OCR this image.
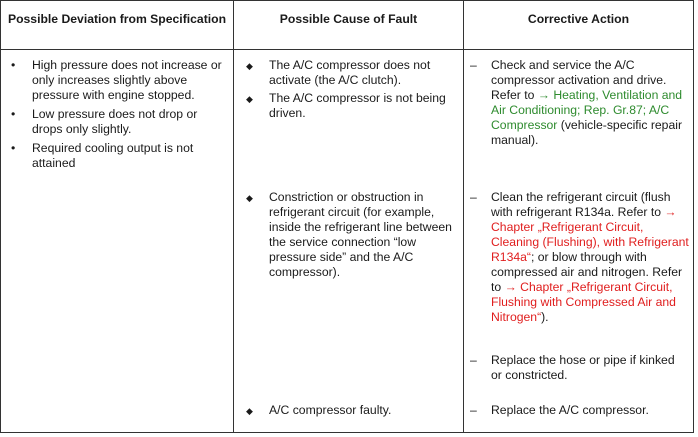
Possible Deviation from Specification	Possible Cause of Fault	Corrective Action
• High pressure does not increase or only increases slightly above pressure with engine stopped.
• Low pressure does not drop or drops only slightly.
• Required cooling output is not attained
◆ The A/C compressor does not activate (the A/C clutch).
◆ The A/C compressor is not being driven.
◆ Constriction or obstruction in refrigerant circuit (for example, inside the refrigerant line between the service connection “low pressure side” and the A/C compressor).
◆ A/C compressor faulty.
– Check and service the A/C compressor activation and drive. Refer to → Heating, Ventilation and Air Conditioning; Rep. Gr.87; A/C Compressor (vehicle-specific repair manual).
– Clean the refrigerant circuit (flush with refrigerant R134a. Refer to → Chapter „Refrigerant Circuit, Cleaning (Flushing), with Refrigerant R134a“; or blow through with compressed air and nitrogen. Refer to → Chapter „Refrigerant Circuit, Flushing with Compressed Air and Nitrogen“).
– Replace the hose or pipe if kinked or constricted.
– Replace the A/C compressor.
